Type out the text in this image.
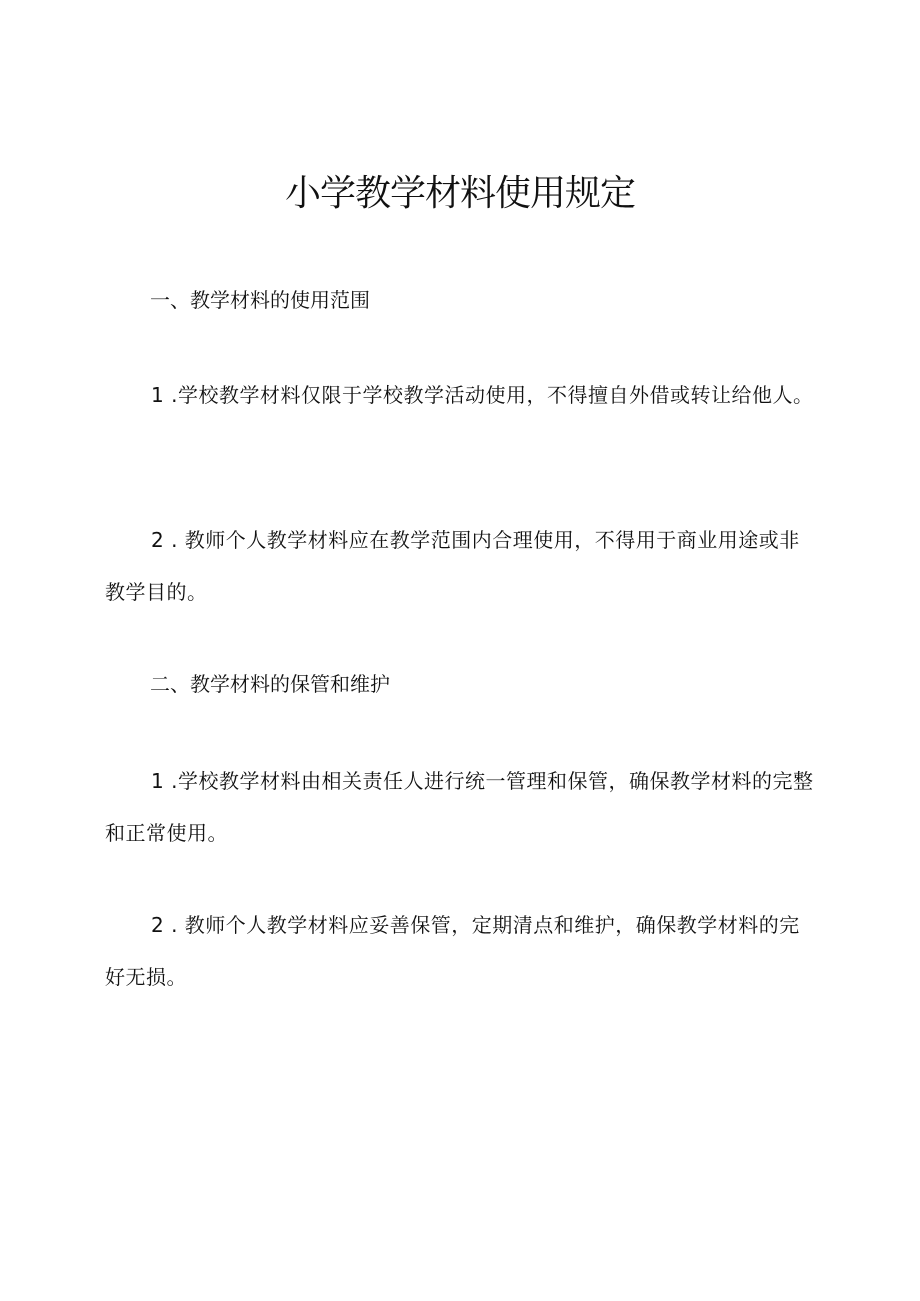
小学教学材料使用规定

一、教学材料的使用范围

1 .学校教学材料仅限于学校教学活动使用，不得擅自外借或转让给他人。

2 . 教师个人教学材料应在教学范围内合理使用，不得用于商业用途或非教学目的。

二、教学材料的保管和维护

1 .学校教学材料由相关责任人进行统一管理和保管，确保教学材料的完整和正常使用。

2 . 教师个人教学材料应妥善保管，定期清点和维护，确保教学材料的完好无损。
